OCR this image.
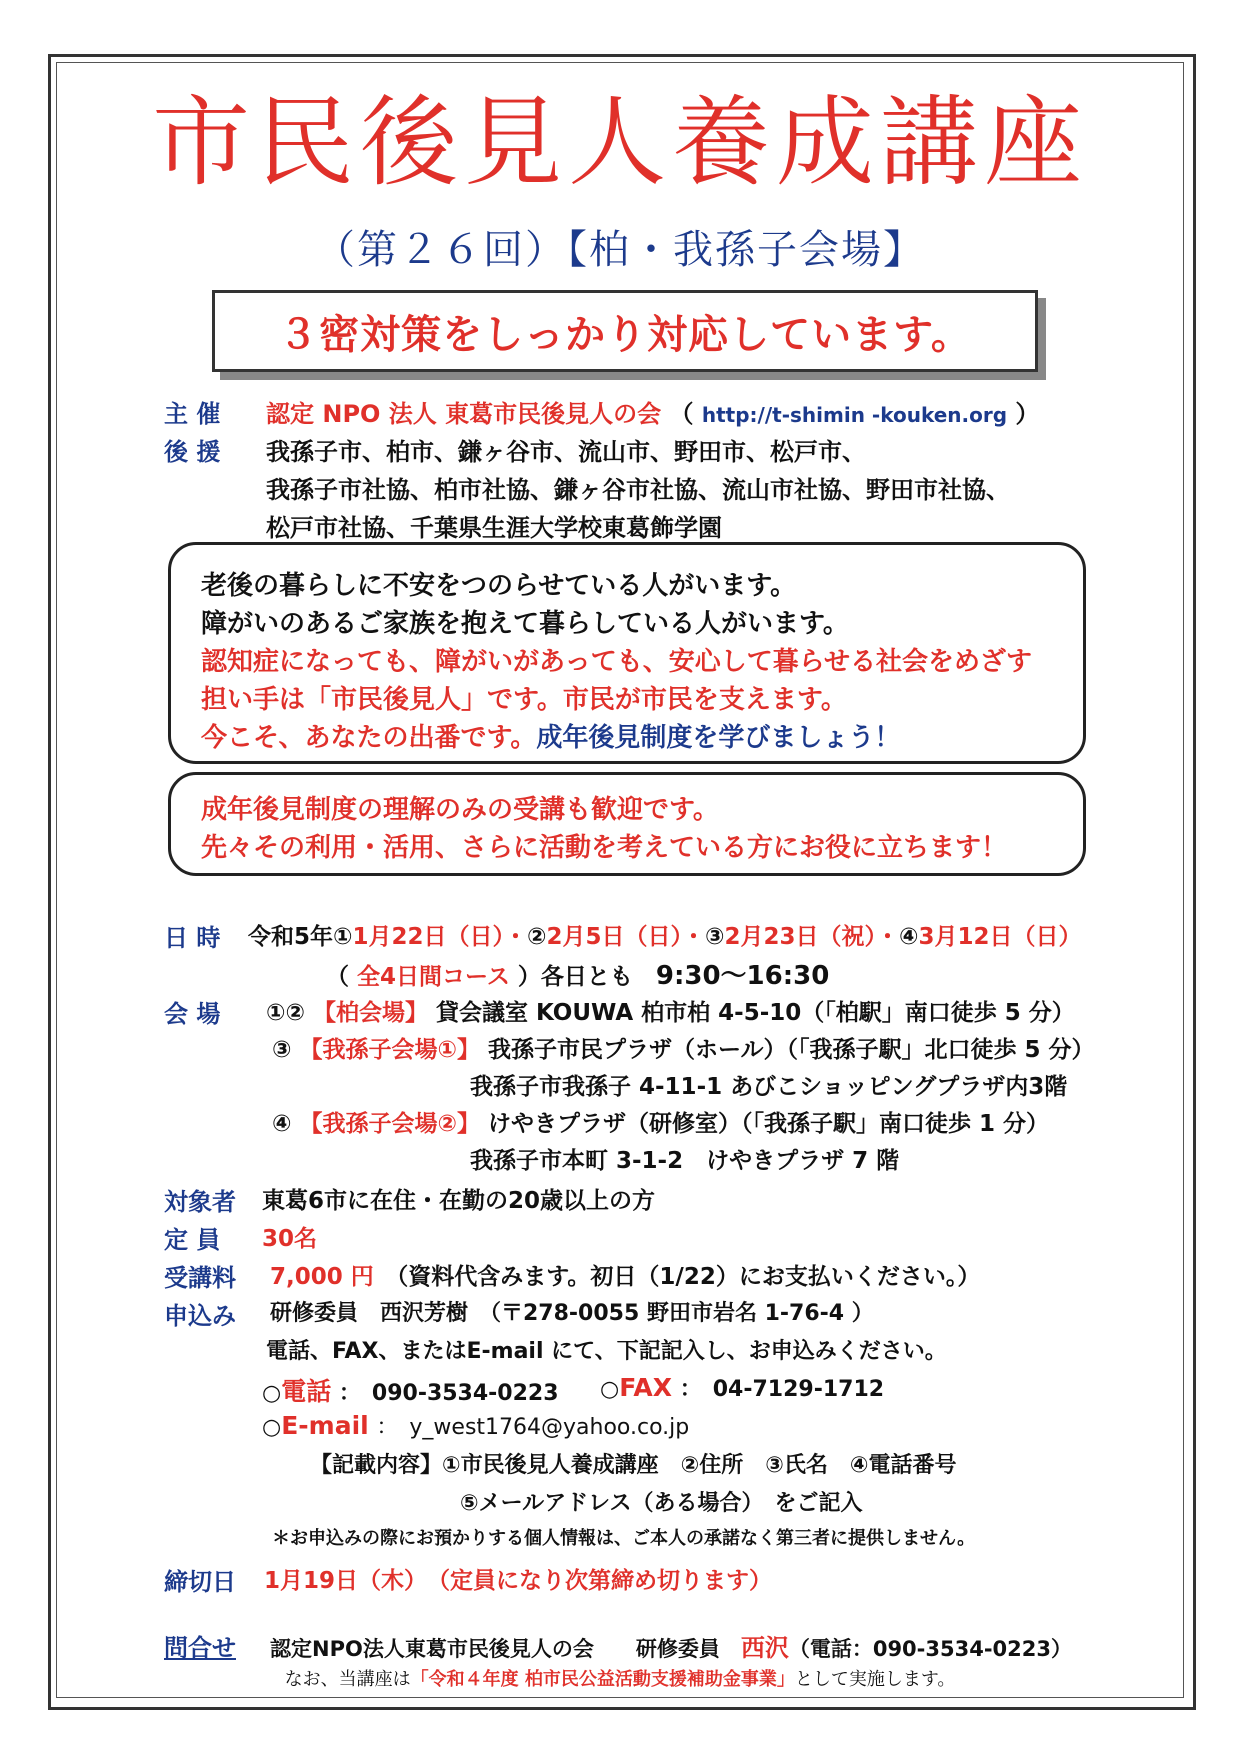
市民後見人養成講座
（第２６回）【柏・我孫子会場】
３密対策をしっかり対応しています。
主 催 認定 NPO 法人 東葛市民後見人の会 （ http://t-shimin -kouken.org ）
後 援 我孫子市、柏市、鎌ヶ谷市、流山市、野田市、松戸市、
我孫子市社協、柏市社協、鎌ヶ谷市社協、流山市社協、野田市社協、
松戸市社協、千葉県生涯大学校東葛飾学園
老後の暮らしに不安をつのらせている人がいます。
障がいのあるご家族を抱えて暮らしている人がいます。
認知症になっても、障がいがあっても、安心して暮らせる社会をめざす
担い手は「市民後見人」です。市民が市民を支えます。
今こそ、あなたの出番です。成年後見制度を学びましょう！
成年後見制度の理解のみの受講も歓迎です。
先々その利用・活用、さらに活動を考えている方にお役に立ちます！
日 時 令和5年①1月22日（日）・②2月5日（日）・③2月23日（祝）・④3月12日（日）
（ 全4日間コース ）各日とも　 9:30〜16:30
会 場 ①② 【柏会場】 貸会議室 KOUWA 柏市柏 4-5-10（「柏駅」南口徒歩 5 分）
③ 【我孫子会場①】 我孫子市民プラザ（ホール）（「我孫子駅」北口徒歩 5 分）
我孫子市我孫子 4-11-1 あびこショッピングプラザ内3階
④ 【我孫子会場②】 けやきプラザ（研修室）（「我孫子駅」南口徒歩 1 分）
我孫子市本町 3-1-2　けやきプラザ 7 階
対象者 東葛6市に在住・在勤の20歳以上の方
定 員 30名
受講料 7,000 円　 （資料代含みます。初日（1/22）にお支払いください。）
申込み 研修委員　西沢芳樹　（〒278-0055 野田市岩名 1-76-4 ）
電話、FAX、またはE-mail にて、下記記入し、お申込みください。
○電話 ：　090-3534-0223 ○FAX ：　04-7129-1712
○E-mail ：　y_west1764@yahoo.co.jp
【記載内容】①市民後見人養成講座　②住所　③氏名　④電話番号
⑤メールアドレス（ある場合）　をご記入
＊お申込みの際にお預かりする個人情報は、ご本人の承諾なく第三者に提供しません。
締切日 1月19日（木）　（定員になり次第締め切ります）
問合せ 認定NPO法人東葛市民後見人の会　　研修委員　 西沢（電話：090-3534-0223）
なお、当講座は「令和４年度 柏市民公益活動支援補助金事業」として実施します。
